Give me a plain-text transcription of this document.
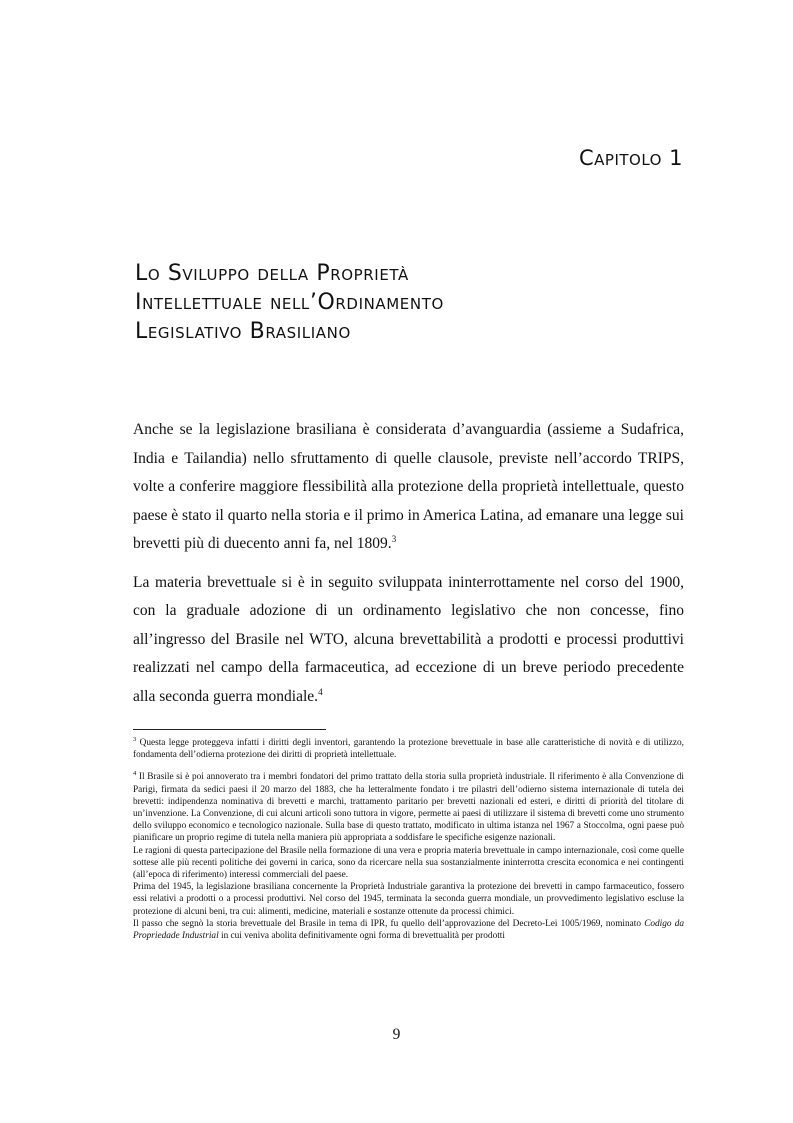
Capitolo 1
Lo Sviluppo della Proprietà
Intellettuale nell’Ordinamento
Legislativo Brasiliano

Anche se la legislazione brasiliana è considerata d’avanguardia (assieme a Sudafrica, India e Tailandia) nello sfruttamento di quelle clausole, previste nell’accordo TRIPS, volte a conferire maggiore flessibilità alla protezione della proprietà intellettuale, questo paese è stato il quarto nella storia e il primo in America Latina, ad emanare una legge sui brevetti più di duecento anni fa, nel 1809.$^3$

La materia brevettuale si è in seguito sviluppata ininterrottamente nel corso del 1900, con la graduale adozione di un ordinamento legislativo che non concesse, fino all’ingresso del Brasile nel WTO, alcuna brevettabilità a prodotti e processi produttivi realizzati nel campo della farmaceutica, ad eccezione di un breve periodo precedente alla seconda guerra mondiale.$^4$

$^3$ Questa legge proteggeva infatti i diritti degli inventori, garantendo la protezione brevettuale in base alle caratteristiche di novità e di utilizzo, fondamenta dell’odierna protezione dei diritti di proprietà intellettuale.

$^4$ Il Brasile si è poi annoverato tra i membri fondatori del primo trattato della storia sulla proprietà industriale. Il riferimento è alla Convenzione di Parigi, firmata da sedici paesi il 20 marzo del 1883, che ha letteralmente fondato i tre pilastri dell’odierno sistema internazionale di tutela dei brevetti: indipendenza nominativa di brevetti e marchi, trattamento paritario per brevetti nazionali ed esteri, e diritti di priorità del titolare di un’invenzione. La Convenzione, di cui alcuni articoli sono tuttora in vigore, permette ai paesi di utilizzare il sistema di brevetti come uno strumento dello sviluppo economico e tecnologico nazionale. Sulla base di questo trattato, modificato in ultima istanza nel 1967 a Stoccolma, ogni paese può pianificare un proprio regime di tutela nella maniera più appropriata a soddisfare le specifiche esigenze nazionali.

Le ragioni di questa partecipazione del Brasile nella formazione di una vera e propria materia brevettuale in campo internazionale, così come quelle sottese alle più recenti politiche dei governi in carica, sono da ricercare nella sua sostanzialmente ininterrotta crescita economica e nei contingenti (all’epoca di riferimento) interessi commerciali del paese.

Prima del 1945, la legislazione brasiliana concernente la Proprietà Industriale garantiva la protezione dei brevetti in campo farmaceutico, fossero essi relativi a prodotti o a processi produttivi. Nel corso del 1945, terminata la seconda guerra mondiale, un provvedimento legislativo escluse la protezione di alcuni beni, tra cui: alimenti, medicine, materiali e sostanze ottenute da processi chimici.

Il passo che segnò la storia brevettuale del Brasile in tema di IPR, fu quello dell’approvazione del Decreto-Lei 1005/1969, nominato Codigo da Propriedade Industrial in cui veniva abolita definitivamente ogni forma di brevettualità per prodotti

9
